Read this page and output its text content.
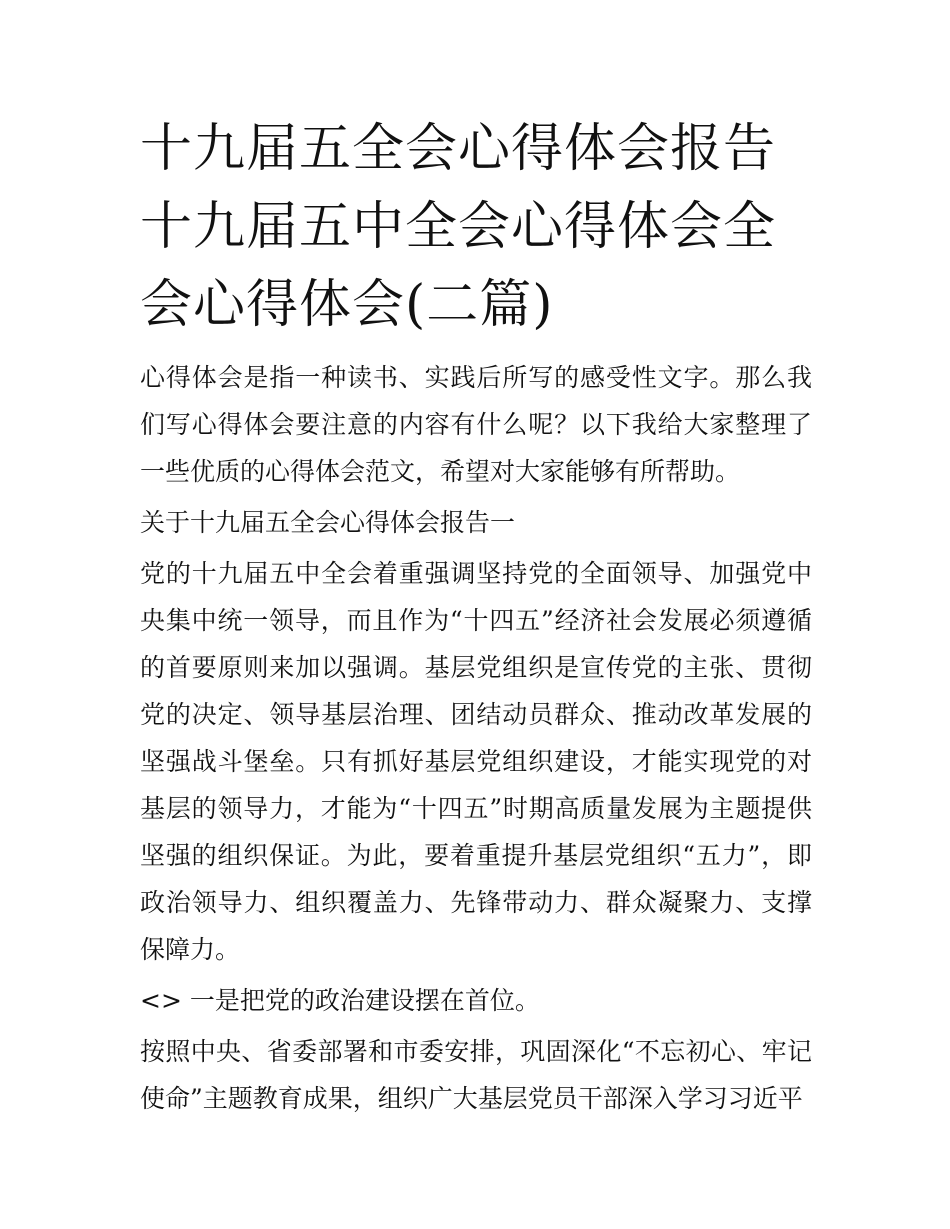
十九届五全会心得体会报告 十九届五中全会心得体会全会心得体会(二篇)

心得体会是指一种读书、实践后所写的感受性文字。那么我们写心得体会要注意的内容有什么呢？以下我给大家整理了一些优质的心得体会范文，希望对大家能够有所帮助。

关于十九届五全会心得体会报告一

党的十九届五中全会着重强调坚持党的全面领导、加强党中央集中统一领导，而且作为“十四五”经济社会发展必须遵循的首要原则来加以强调。基层党组织是宣传党的主张、贯彻党的决定、领导基层治理、团结动员群众、推动改革发展的坚强战斗堡垒。只有抓好基层党组织建设，才能实现党的对基层的领导力，才能为“十四五”时期高质量发展为主题提供坚强的组织保证。为此，要着重提升基层党组织“五力”，即政治领导力、组织覆盖力、先锋带动力、群众凝聚力、支撑保障力。

<> 一是把党的政治建设摆在首位。

按照中央、省委部署和市委安排，巩固深化“不忘初心、牢记使命”主题教育成果，组织广大基层党员干部深入学习习近平
